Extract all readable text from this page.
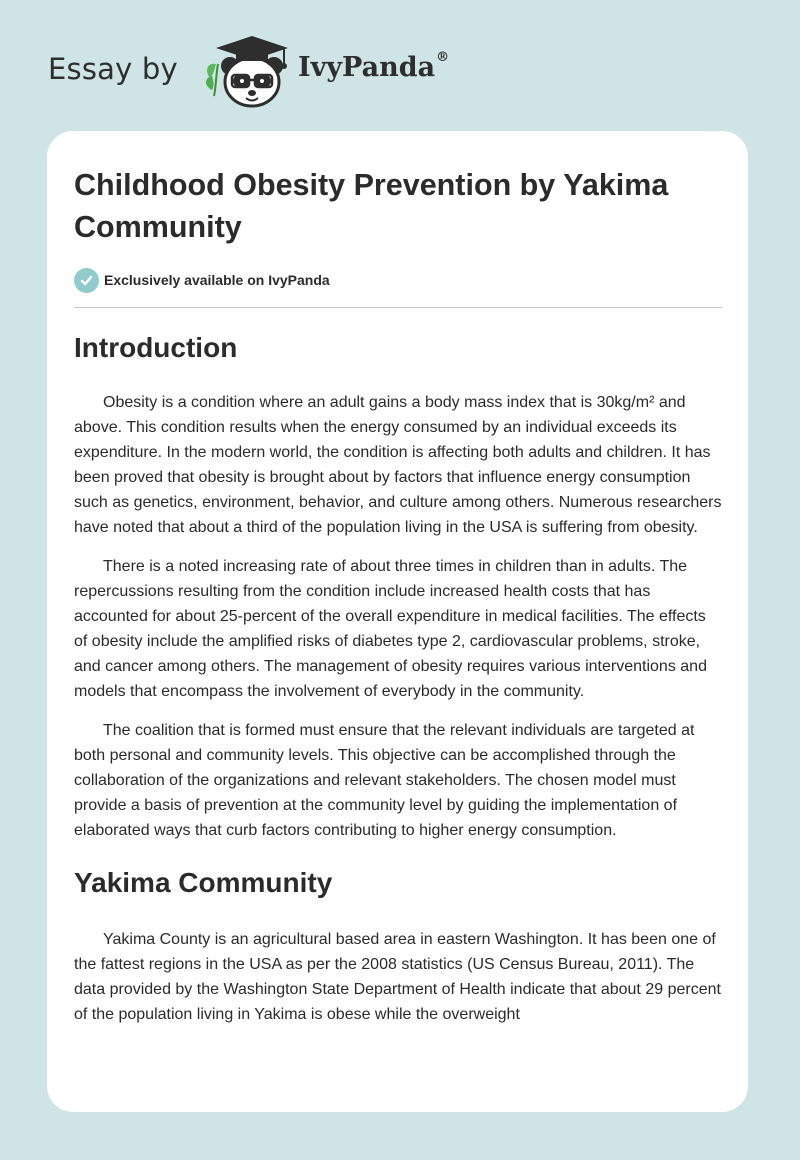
Essay by	IvyPanda®
Childhood Obesity Prevention by Yakima Community
Exclusively available on IvyPanda
Introduction

Obesity is a condition where an adult gains a body mass index that is 30kg/m² and above. This condition results when the energy consumed by an individual exceeds its expenditure. In the modern world, the condition is affecting both adults and children. It has been proved that obesity is brought about by factors that influence energy consumption such as genetics, environment, behavior, and culture among others. Numerous researchers have noted that about a third of the population living in the USA is suffering from obesity.

There is a noted increasing rate of about three times in children than in adults. The repercussions resulting from the condition include increased health costs that has accounted for about 25-percent of the overall expenditure in medical facilities. The effects of obesity include the amplified risks of diabetes type 2, cardiovascular problems, stroke, and cancer among others. The management of obesity requires various interventions and models that encompass the involvement of everybody in the community.

The coalition that is formed must ensure that the relevant individuals are targeted at both personal and community levels. This objective can be accomplished through the collaboration of the organizations and relevant stakeholders. The chosen model must provide a basis of prevention at the community level by guiding the implementation of elaborated ways that curb factors contributing to higher energy consumption.

Yakima Community

Yakima County is an agricultural based area in eastern Washington. It has been one of the fattest regions in the USA as per the 2008 statistics (US Census Bureau, 2011). The data provided by the Washington State Department of Health indicate that about 29 percent of the population living in Yakima is obese while the overweight
